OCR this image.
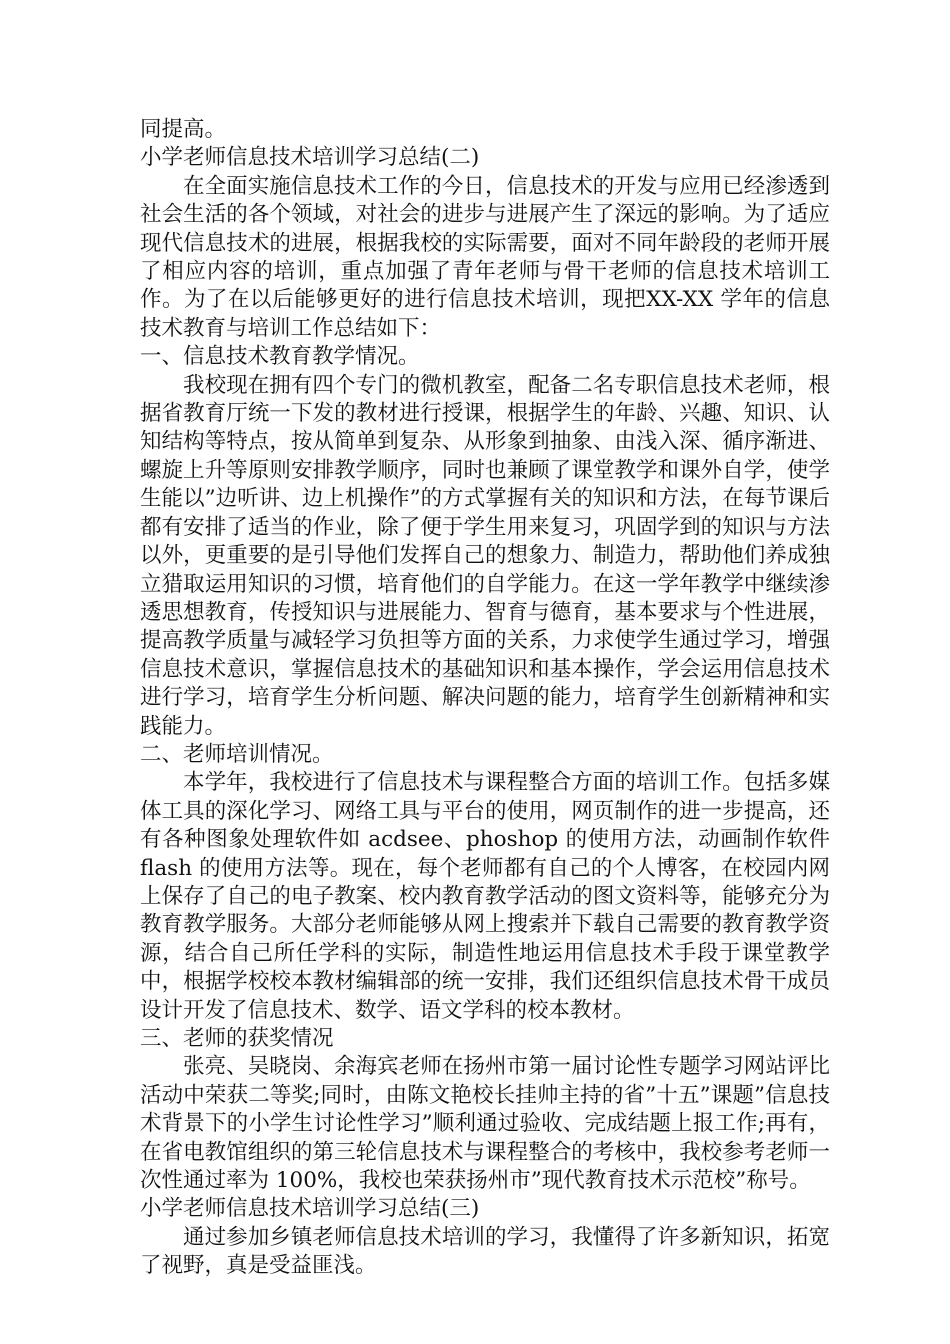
同提高。

小学老师信息技术培训学习总结(二)

在全面实施信息技术工作的今日，信息技术的开发与应用已经渗透到社会生活的各个领域，对社会的进步与进展产生了深远的影响。为了适应现代信息技术的进展，根据我校的实际需要，面对不同年龄段的老师开展了相应内容的培训，重点加强了青年老师与骨干老师的信息技术培训工作。为了在以后能够更好的进行信息技术培训，现把XX-XX 学年的信息技术教育与培训工作总结如下：

一、信息技术教育教学情况。

我校现在拥有四个专门的微机教室，配备二名专职信息技术老师，根据省教育厅统一下发的教材进行授课，根据学生的年龄、兴趣、知识、认知结构等特点，按从简单到复杂、从形象到抽象、由浅入深、循序渐进、螺旋上升等原则安排教学顺序，同时也兼顾了课堂教学和课外自学，使学生能以”边听讲、边上机操作”的方式掌握有关的知识和方法，在每节课后都有安排了适当的作业，除了便于学生用来复习，巩固学到的知识与方法以外，更重要的是引导他们发挥自己的想象力、制造力，帮助他们养成独立猎取运用知识的习惯，培育他们的自学能力。在这一学年教学中继续渗透思想教育，传授知识与进展能力、智育与德育，基本要求与个性进展，提高教学质量与减轻学习负担等方面的关系，力求使学生通过学习，增强信息技术意识，掌握信息技术的基础知识和基本操作，学会运用信息技术进行学习，培育学生分析问题、解决问题的能力，培育学生创新精神和实践能力。

二、老师培训情况。

本学年，我校进行了信息技术与课程整合方面的培训工作。包括多媒体工具的深化学习、网络工具与平台的使用，网页制作的进一步提高，还有各种图象处理软件如 acdsee、phoshop 的使用方法，动画制作软件 flash 的使用方法等。现在，每个老师都有自己的个人博客，在校园内网上保存了自己的电子教案、校内教育教学活动的图文资料等，能够充分为教育教学服务。大部分老师能够从网上搜索并下载自己需要的教育教学资源，结合自己所任学科的实际，制造性地运用信息技术手段于课堂教学中，根据学校校本教材编辑部的统一安排，我们还组织信息技术骨干成员设计开发了信息技术、数学、语文学科的校本教材。

三、老师的获奖情况

张亮、吴晓岗、余海宾老师在扬州市第一届讨论性专题学习网站评比活动中荣获二等奖;同时，由陈文艳校长挂帅主持的省”十五”课题”信息技术背景下的小学生讨论性学习”顺利通过验收、完成结题上报工作;再有，在省电教馆组织的第三轮信息技术与课程整合的考核中，我校参考老师一次性通过率为 100%，我校也荣获扬州市”现代教育技术示范校”称号。

小学老师信息技术培训学习总结(三)

通过参加乡镇老师信息技术培训的学习，我懂得了许多新知识，拓宽了视野，真是受益匪浅。
